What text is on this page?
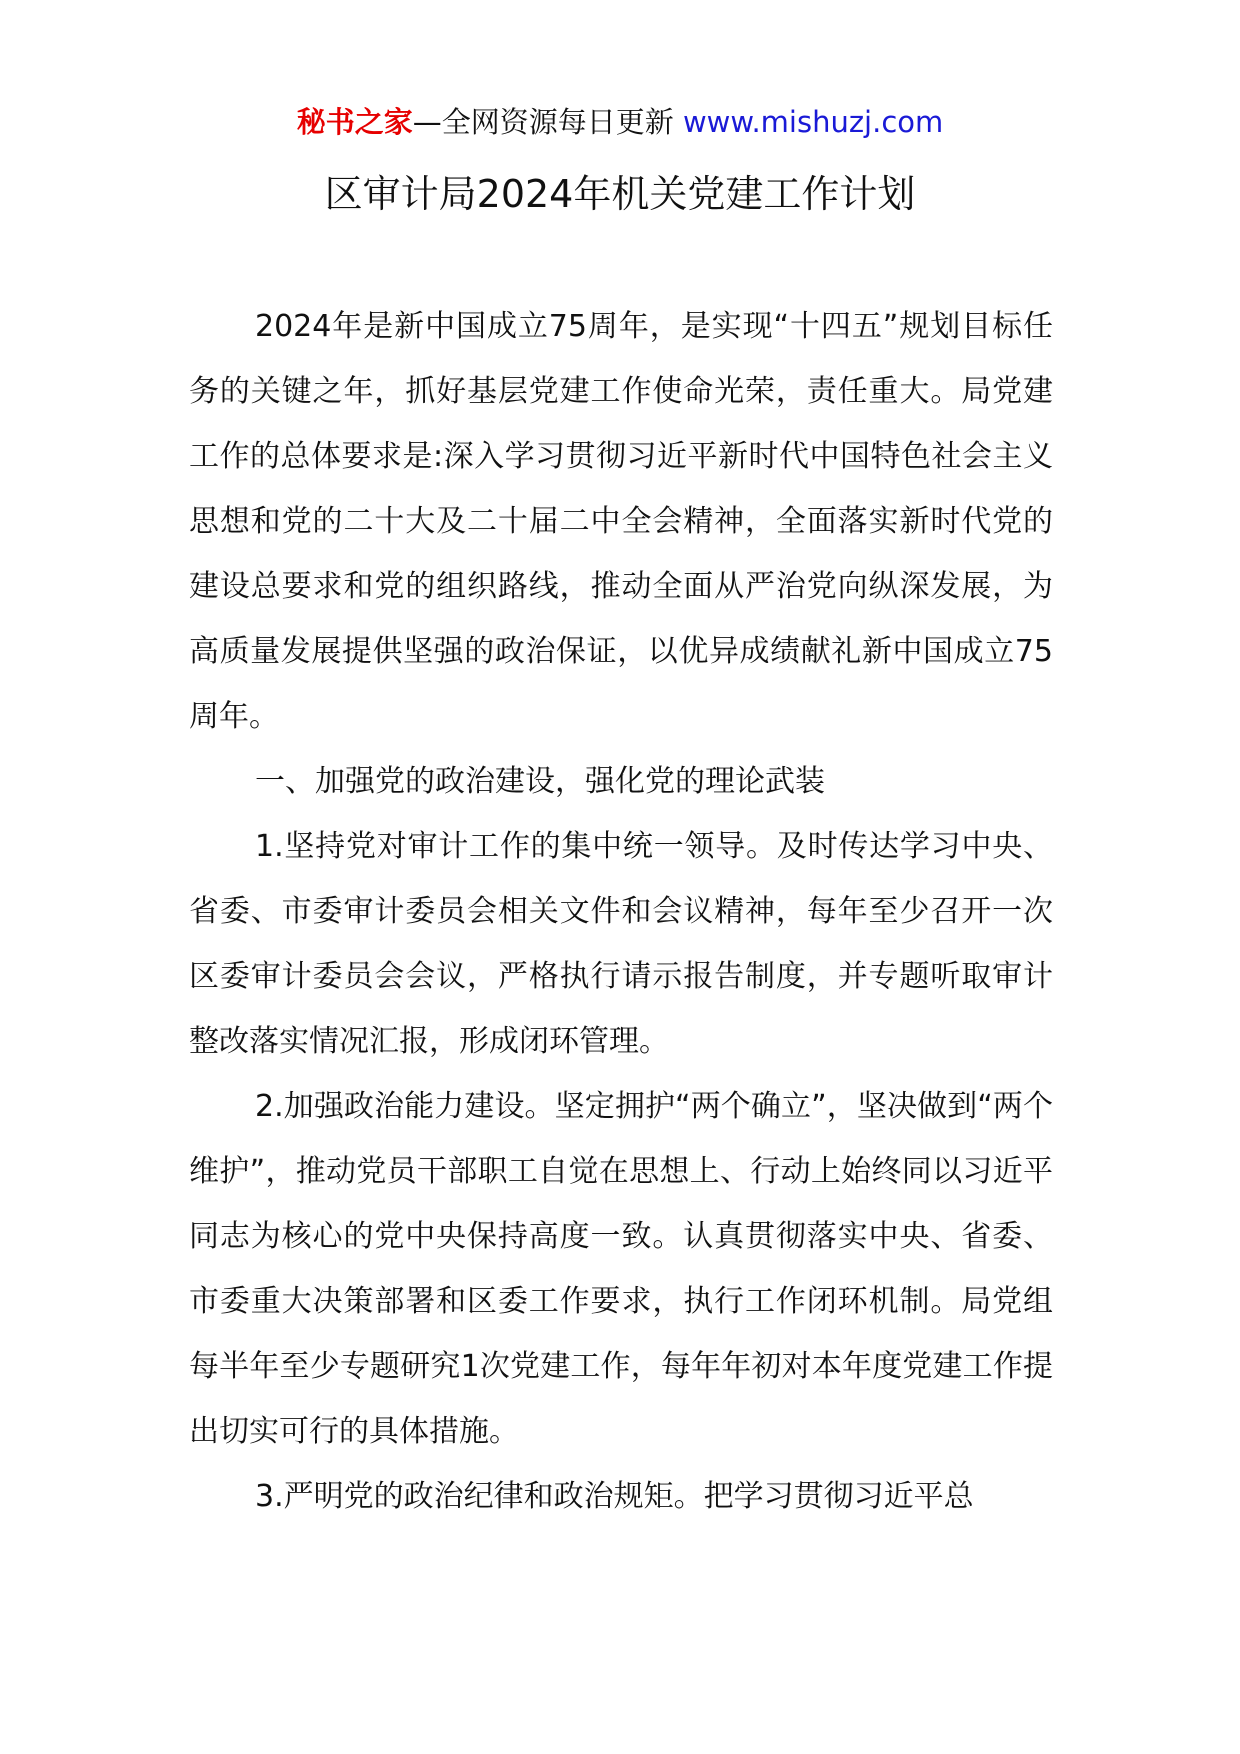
秘书之家—全网资源每日更新 www.mishuzj.com
区审计局2024年机关党建工作计划

2024年是新中国成立75周年，是实现“十四五”规划目标任务的关键之年，抓好基层党建工作使命光荣，责任重大。局党建工作的总体要求是:深入学习贯彻习近平新时代中国特色社会主义思想和党的二十大及二十届二中全会精神，全面落实新时代党的建设总要求和党的组织路线，推动全面从严治党向纵深发展，为高质量发展提供坚强的政治保证，以优异成绩献礼新中国成立75周年。

一、加强党的政治建设，强化党的理论武装

1.坚持党对审计工作的集中统一领导。及时传达学习中央、省委、市委审计委员会相关文件和会议精神，每年至少召开一次区委审计委员会会议，严格执行请示报告制度，并专题听取审计整改落实情况汇报，形成闭环管理。

2.加强政治能力建设。坚定拥护“两个确立”，坚决做到“两个维护”，推动党员干部职工自觉在思想上、行动上始终同以习近平同志为核心的党中央保持高度一致。认真贯彻落实中央、省委、市委重大决策部署和区委工作要求，执行工作闭环机制。局党组每半年至少专题研究1次党建工作，每年年初对本年度党建工作提出切实可行的具体措施。

3.严明党的政治纪律和政治规矩。把学习贯彻习近平总
